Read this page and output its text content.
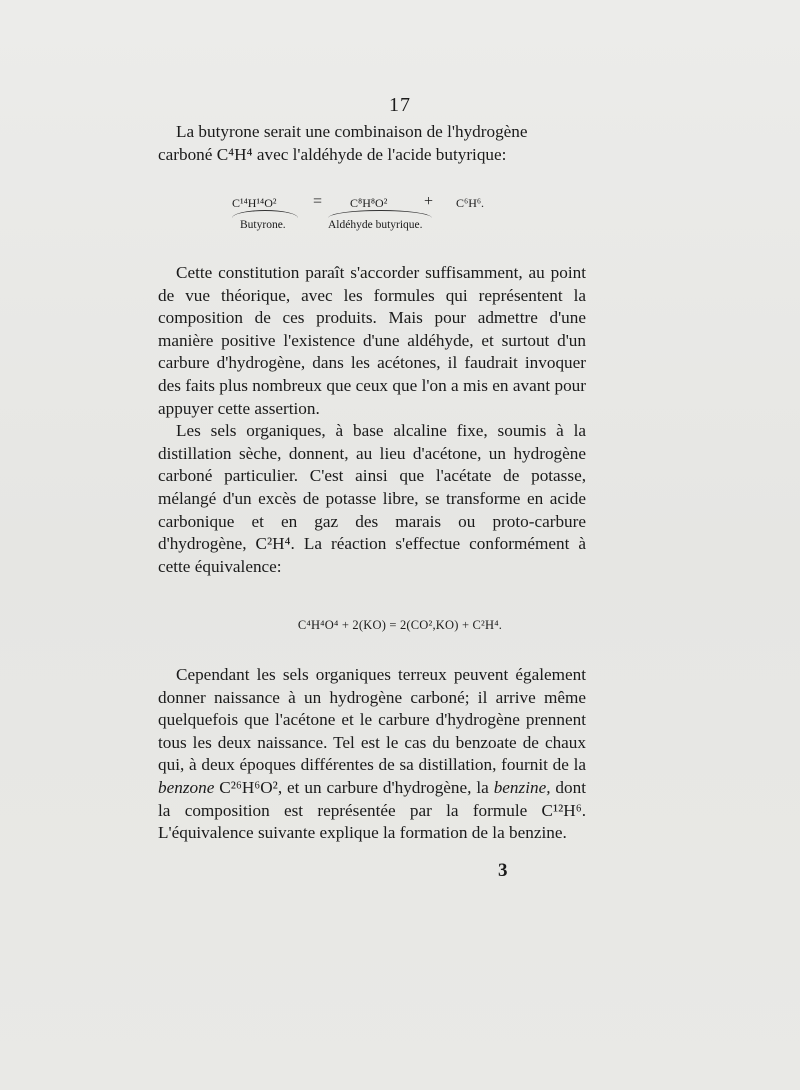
17

La butyrone serait une combinaison de l'hydrogène

carboné C⁴H⁴ avec l'aldéhyde de l'acide butyrique:

C¹⁴H¹⁴O² = C⁸H⁸O² + C⁶H⁶.
Butyrone.	Aldéhyde butyrique.

Cette constitution paraît s'accorder suffisamment, au point de vue théorique, avec les formules qui représentent la composition de ces produits. Mais pour admettre d'une manière positive l'existence d'une aldéhyde, et surtout d'un carbure d'hydrogène, dans les acétones, il faudrait invoquer des faits plus nombreux que ceux que l'on a mis en avant pour appuyer cette assertion.

Les sels organiques, à base alcaline fixe, soumis à la distillation sèche, donnent, au lieu d'acétone, un hydrogène carboné particulier. C'est ainsi que l'acétate de potasse, mélangé d'un excès de potasse libre, se transforme en acide carbonique et en gaz des marais ou proto-carbure d'hydrogène, C²H⁴. La réaction s'effectue conformément à cette équivalence:

C⁴H⁴O⁴ + 2(KO) = 2(CO²,KO) + C²H⁴.

Cependant les sels organiques terreux peuvent également donner naissance à un hydrogène carboné; il arrive même quelquefois que l'acétone et le carbure d'hydrogène prennent tous les deux naissance. Tel est le cas du benzoate de chaux qui, à deux époques différentes de sa distillation, fournit de la benzone C²⁶H⁶O², et un carbure d'hydrogène, la benzine, dont la composition est représentée par la formule C¹²H⁶. L'équivalence suivante explique la formation de la benzine.

3
